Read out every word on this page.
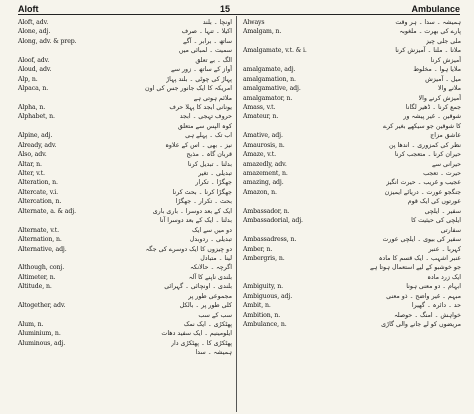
Aloft	15	Ambulance
Aloft, adv.	اونچا ۔ بلند
Alone, adj.	اکیلا ۔ تنہا ۔ صرف
Along, adv. & prep.	ساتھ ۔ برابر ۔ آگے
سمیت ۔ لمبائی میں
Aloof, adv.	الگ ۔ بے تعلق
Aloud, adv.	آواز کے ساتھ ۔ زور سے
Alp, n.	پہاڑ کی چوٹی ۔ بلند پہاڑ
Alpaca, n.	امریکہ کا ایک جانور جس کی اون
ملائم ہوتی ہے
Alpha, n.	یونانی ابجد کا پہلا حرف
Alphabet, n.	حروف تہجی ۔ ابجد
کوہ الپس سے متعلق
Alpine, adj.	اب تک ۔ پہلے ہی
Already, adv.	نیز ۔ بھی ۔ اس کے علاوہ
Also, adv.	قربان گاہ ۔ مذبح
Altar, n.	بدلنا ۔ تبدیل کرنا
Alter, v.t.	تبدیلی ۔ تغیر
Alteration, n.	جھگڑا ۔ تکرار
Altercate, v.i.	جھگڑا کرنا ۔ بحث کرنا
Altercation, n.	بحث ۔ تکرار ۔ جھگڑا
Alternate, a. & adj.	ایک کے بعد دوسرا ۔ باری باری
بدلنا ۔ ایک کے بعد دوسرا آنا
Alternate, v.t.	دو میں سے ایک
Alternation, n.	تبدیلی ۔ ردوبدل
Alternative, adj.	دو چیزوں کا ایک دوسرے کی جگہ
لینا ۔ متبادل
Although, conj.	اگرچہ ۔ حالانکہ
Altimeter, n.	بلندی ناپنے کا آلہ
Altitude, n.	بلندی ۔ اونچائی ۔ گہرائی
مجموعی طور پر
Altogether, adv.	کلی طور پر ۔ بالکل
سب کے سب
Alum, n.	پھٹکڑی ۔ ایک نمک
Aluminium, n.	ایلومینیم ۔ ایک سفید دھات
Aluminous, adj.	پھٹکڑی کا ۔ پھٹکڑی دار
ہمیشہ ۔ سدا
Always	ہمیشہ ۔ سدا ۔ ہر وقت
Amalgam, n.	پارے کی بھرت ۔ ملغوبہ
ملی جلی چیز
Amalgamate, v.t. & i.	ملانا ۔ ملنا ۔ آمیزش کرنا
آمیزش کرنا
amalgamate, adj.	ملایا ہوا ۔ مخلوط
amalgamation, n.	میل ۔ آمیزش
amalgamative, adj.	ملانے والا
amalgamator, n.	آمیزش کرنے والا
Amass, v.t.	جمع کرنا ۔ ڈھیر لگانا
Amateur, n.	شوقین ۔ غیر پیشہ ور
کا شوقین جو سیکھے بغیر کرے
Amative, adj.	عاشق مزاج
Amaurosis, n.	نظر کی کمزوری ۔ اندھا پن
Amaze, v.t.	حیران کرنا ۔ متعجب کرنا
amazedly, adv.	حیرانی سے
amazement, n.	حیرت ۔ تعجب
amazing, adj.	عجیب و غریب ۔ حیرت انگیز
Amazon, n.	جنگجو عورت ۔ دریائے ایمیزن
عورتوں کی ایک قوم
Ambassador, n.	سفیر ۔ ایلچی
Ambassadorial, adj.	ایلچی کی حیثیت کا
سفارتی
Ambassadress, n.	سفیر کی بیوی ۔ ایلچی عورت
Amber, n.	کہربا ۔ عنبر
Ambergris, n.	عنبر اشہب ۔ ایک قسم کا مادہ
جو خوشبو کے لیے استعمال ہوتا ہے
ایک زرد مادہ
Ambiguity, n.	ابہام ۔ دو معنی ہونا
Ambiguous, adj.	مبہم ۔ غیر واضح ۔ ذو معنی
Ambit, n.	حد ۔ دائرہ ۔ گھیرا
Ambition, n.	خواہش ۔ امنگ ۔ حوصلہ
Ambulance, n.	مریضوں کو لے جانے والی گاڑی
